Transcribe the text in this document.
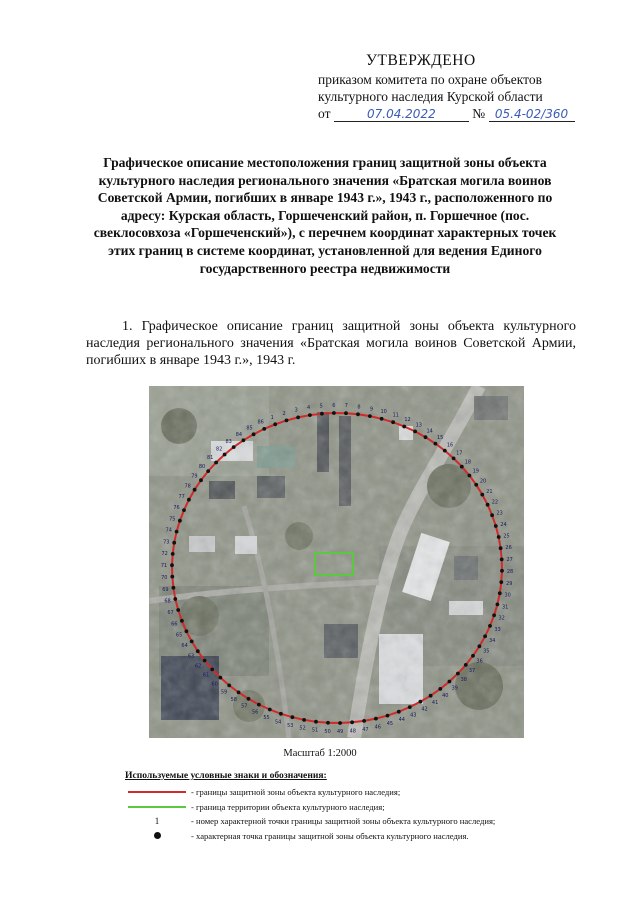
УТВЕРЖДЕНО
приказом комитета по охране объектов
культурного наследия Курской области
от	07.04.2022	№ 05.4-02/360
Графическое описание местоположения границ защитной зоны объекта культурного наследия регионального значения «Братская могила воинов Советской Армии, погибших в январе 1943 г.», 1943 г., расположенного по адресу: Курская область, Горшеченский район, п. Горшечное (пос. свеклосовхоза «Горшеченский»), с перечнем координат характерных точек этих границ в системе координат, установленной для ведения Единого государственного реестра недвижимости
1. Графическое описание границ защитной зоны объекта культурного наследия регионального значения «Братская могила воинов Советской Армии, погибших в январе 1943 г.», 1943 г.
1
2
3 4 5 6 7 8 9 10
11
12
13
14
15
16
17
18
19
20
21
22
23
24
25
26
27
28
29
30
31
32
33
34
35
36
37
38
39
40
41
42
43
44
45
46
47
48
49
50
51
52
53
54
55
56
57
58
59
60
61
62
63
64
65
66
67
68
69
70
71
72
73
74
75
76
77
78
79
80
81
82
83
84
85
86
Масштаб 1:2000
Используемые условные знаки и обозначения:
- границы защитной зоны объекта культурного наследия;
- граница территории объекта культурного наследия;
1	- номер характерной точки границы защитной зоны объекта культурного наследия;
- характерная точка границы защитной зоны объекта культурного наследия.
